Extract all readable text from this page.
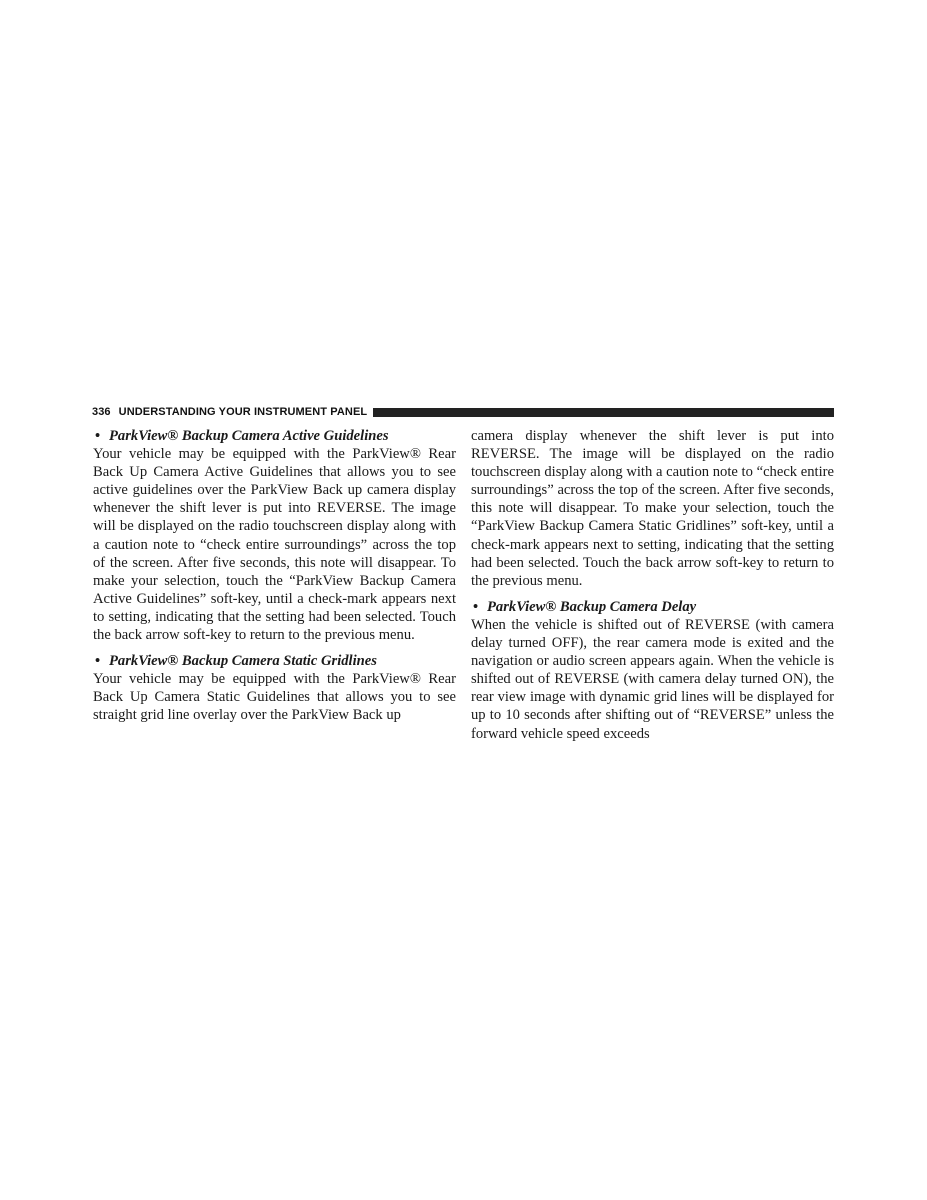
336 UNDERSTANDING YOUR INSTRUMENT PANEL

• ParkView® Backup Camera Active Guidelines

Your vehicle may be equipped with the ParkView® Rear Back Up Camera Active Guidelines that allows you to see active guidelines over the ParkView Back up camera display whenever the shift lever is put into REVERSE. The image will be displayed on the radio touchscreen display along with a caution note to “check entire surroundings” across the top of the screen. After five seconds, this note will disappear. To make your selection, touch the “ParkView Backup Camera Active Guidelines” soft-key, until a check-mark appears next to setting, indicating that the setting had been selected. Touch the back arrow soft-key to return to the previous menu.

• ParkView® Backup Camera Static Gridlines

Your vehicle may be equipped with the ParkView® Rear Back Up Camera Static Guidelines that allows you to see straight grid line overlay over the ParkView Back up

camera display whenever the shift lever is put into REVERSE. The image will be displayed on the radio touchscreen display along with a caution note to “check entire surroundings” across the top of the screen. After five seconds, this note will disappear. To make your selection, touch the “ParkView Backup Camera Static Gridlines” soft-key, until a check-mark appears next to setting, indicating that the setting had been selected. Touch the back arrow soft-key to return to the previous menu.

• ParkView® Backup Camera Delay

When the vehicle is shifted out of REVERSE (with camera delay turned OFF), the rear camera mode is exited and the navigation or audio screen appears again. When the vehicle is shifted out of REVERSE (with camera delay turned ON), the rear view image with dynamic grid lines will be displayed for up to 10 seconds after shifting out of “REVERSE” unless the forward vehicle speed exceeds
